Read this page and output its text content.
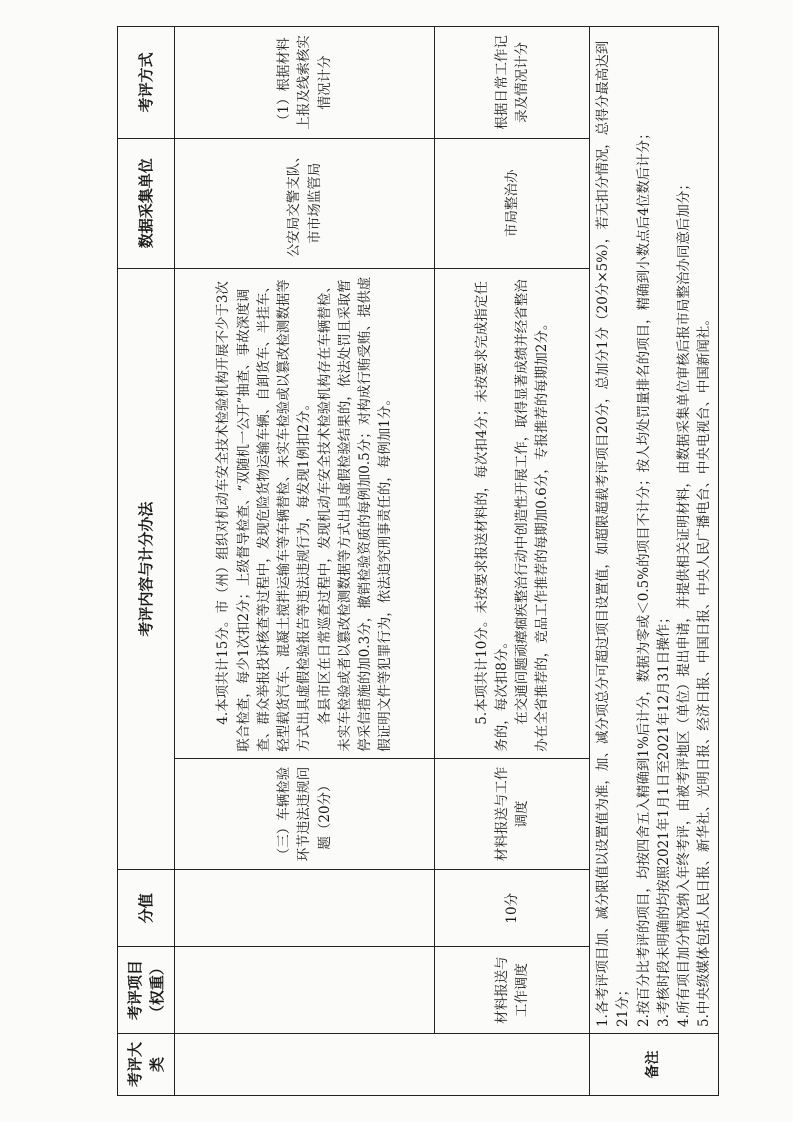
考评大类	考评项目（权重）	分值	考评内容与计分办法		数据采集单位	考评方式
			（三）车辆检验环节违法违规问题（20分）	4.本项共计15分。市（州）组织对机动车安全技术检验机构开展不少于3次联合检查，每少1次扣2分；上级督导检查、“双随机一公开”抽查、事故深度调查、群众举报投诉核查等过程中，发现危险货物运输车辆、自卸货车、半挂车、轻型载货汽车、混凝土搅拌运输车等车辆替检、未实车检验或以篡改检测数据等方式出具虚假检验报告等违法违规行为，每发现1例扣2分。 各县市区在日常巡查过程中，发现机动车安全技术检验机构存在车辆替检、未实车检验或者以篡改检测数据等方式出具虚假检验结果的，依法处罚且采取暂停采信措施的加0.3分，撤销检验资质的每例加0.5分；对构成行贿受贿、提供虚假证明文件等犯罪行为，依法追究刑事责任的，每例加1分。	公安局交警支队、市市场监管局	（1）根据材料上报及线索核实情况计分
	材料报送与工作调度	10分	材料报送与工作调度	5.本项共计10分。未按要求报送材料的，每次扣4分；未按要求完成指定任务的，每次扣8分。 在交通问题顽瘴痼疾整治行动中创造性开展工作，取得显著成绩并经省整治办在全省推荐的，竞品工作推荐的每期加0.6分，专报推荐的每期加2分。	市局整治办	根据日常工作记录及情况计分
备注	1.各考评项目加、减分限值以设置值为准，加、减分项总分可超过项目设置值，如超限超载考评项目20分，总加分1分（20分×5%），若无扣分情况，总得分最高达到21分； 2.按百分比考评的项目，均按四舍五入精确到1%后计分，数据为零或＜0.5%的项目不计分；按人均处罚量排名的项目，精确到小数点后4位数后计分； 3.考核时段未明确的均按照2021年1月1日至2021年12月31日操作； 4.所有项目加分情况纳入年终考评，由被考评地区（单位）提出申请，并提供相关证明材料，由数据采集单位审核后报市局整治办同意后加分； 5.中央级媒体包括人民日报、新华社、光明日报、经济日报、中国日报、中央人民广播电台、中央电视台、中国新闻社。					
